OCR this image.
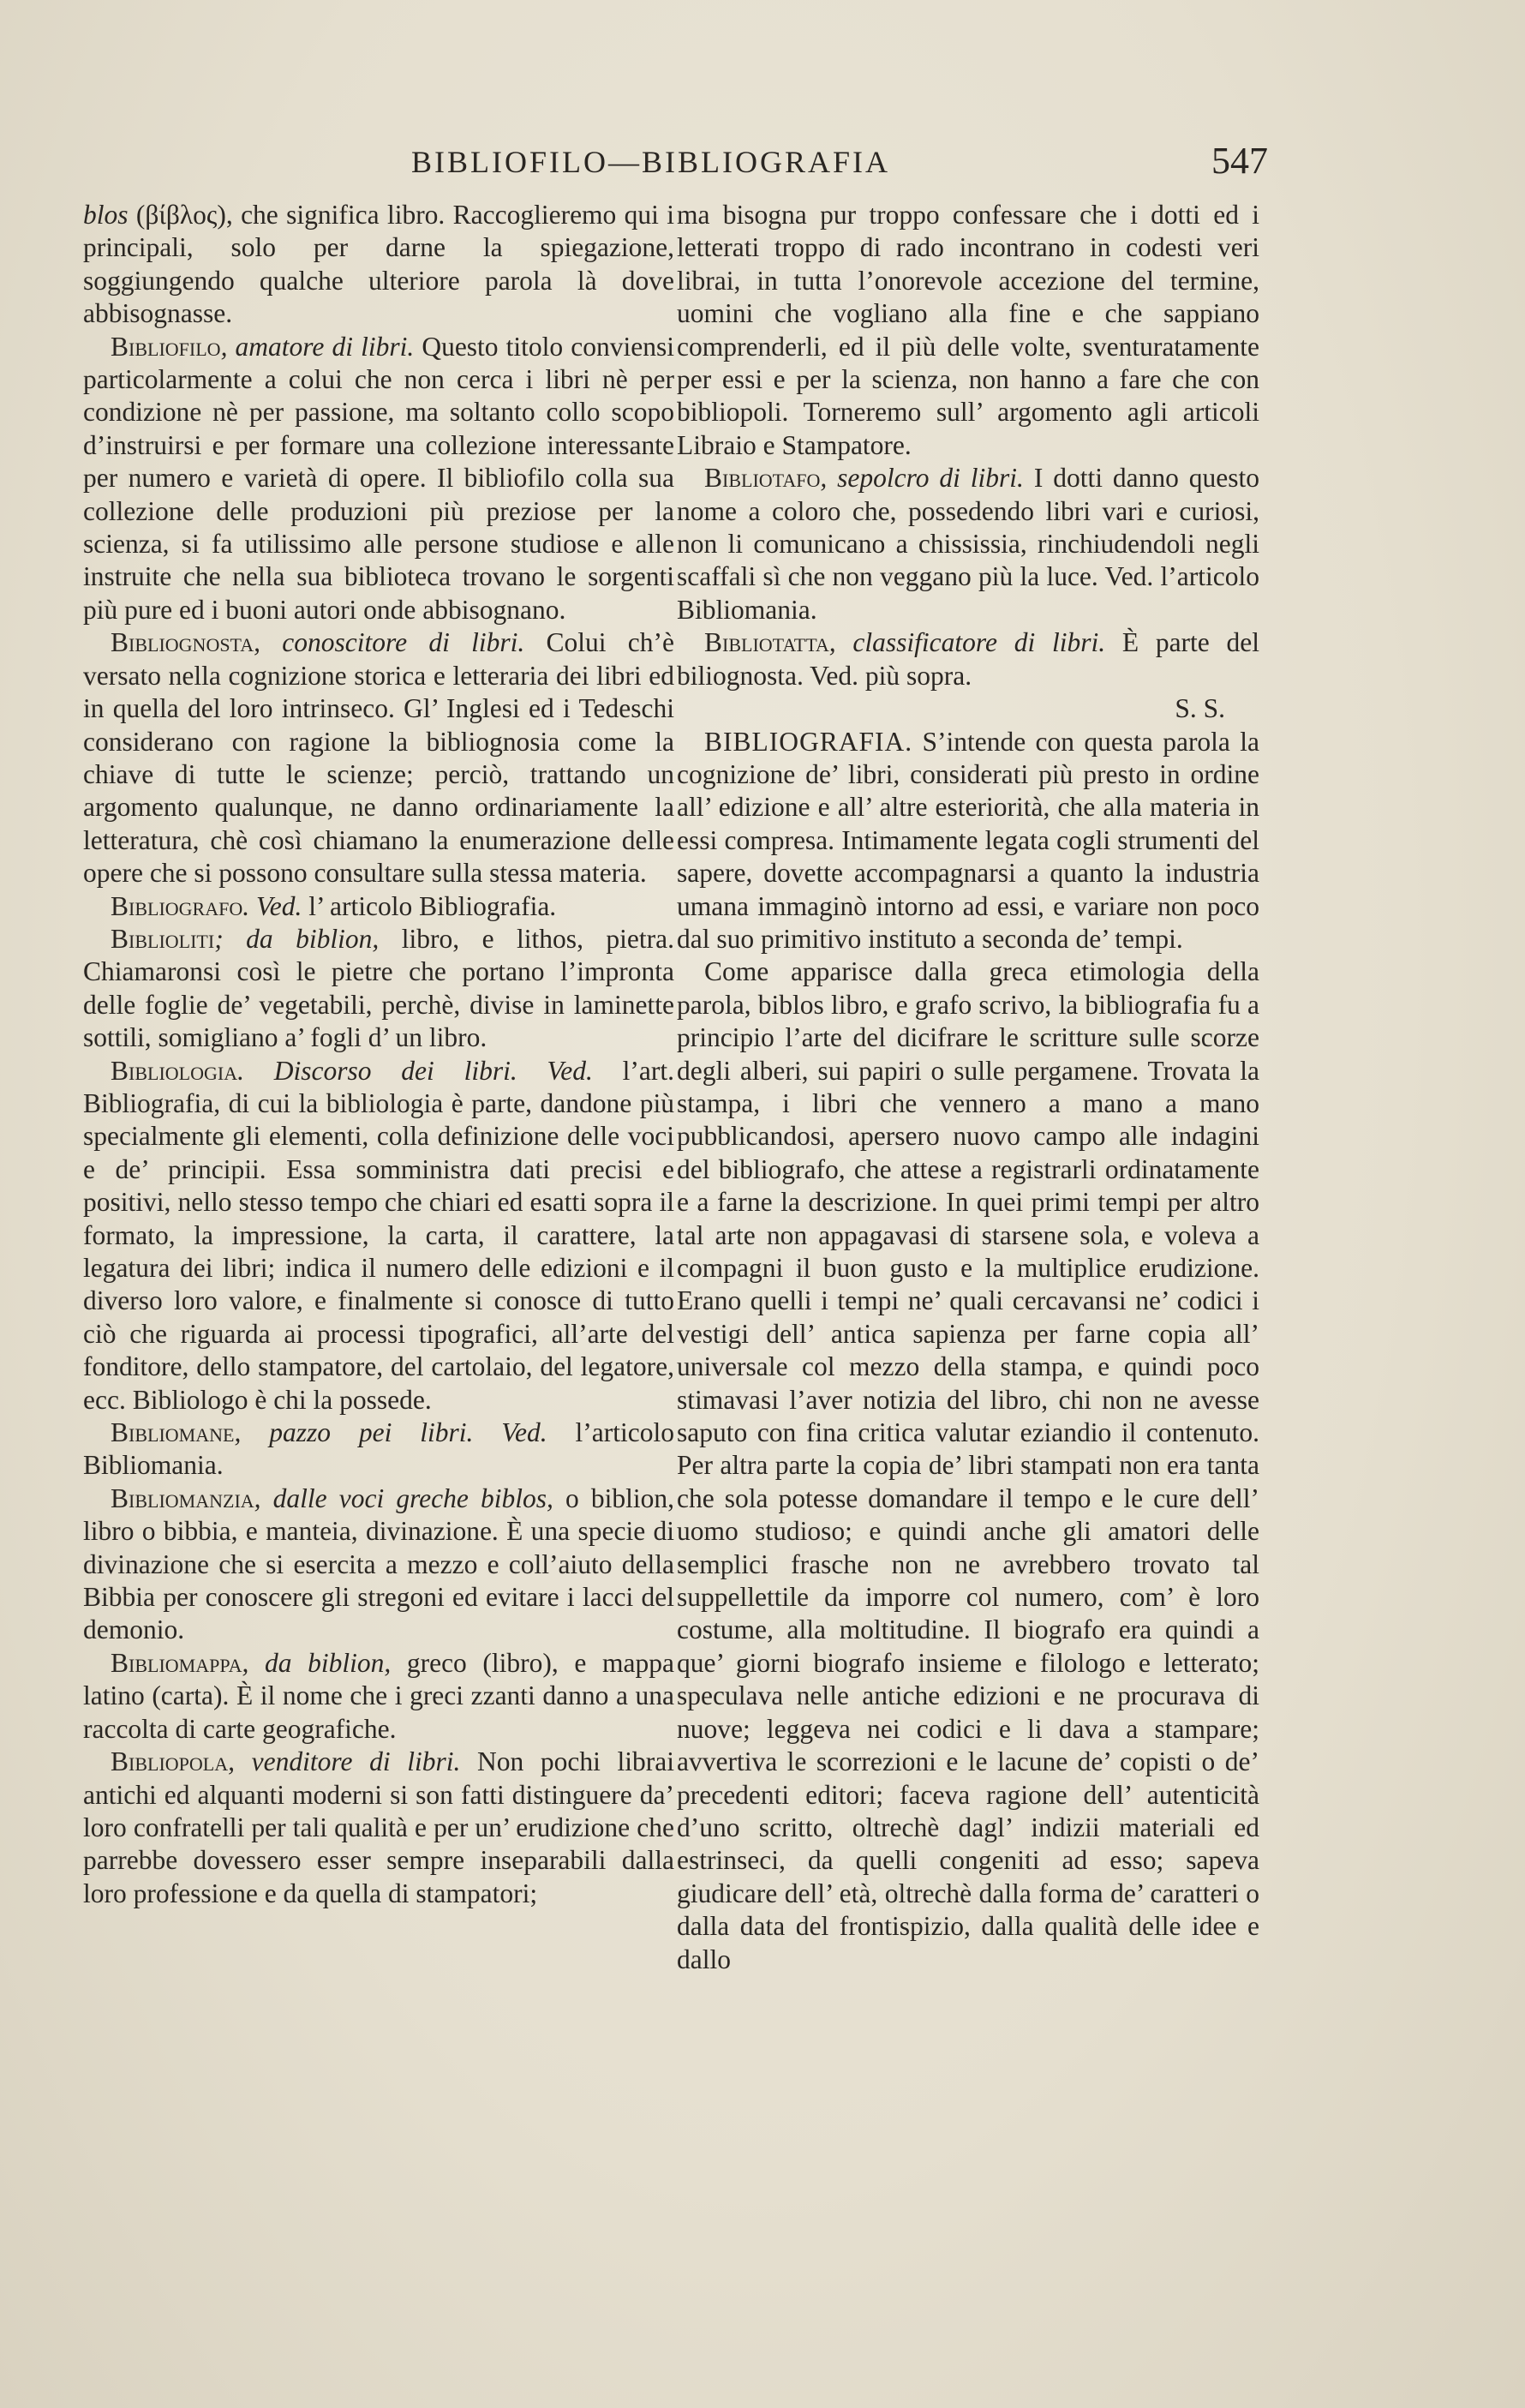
BIBLIOFILO—BIBLIOGRAFIA	547

blos (βίβλος), che significa libro. Raccoglieremo qui i principali, solo per darne la spiegazione, soggiungendo qualche ulteriore parola là dove abbisognasse.

Bibliofilo, amatore di libri. Questo titolo conviensi particolarmente a colui che non cerca i libri nè per condizione nè per passione, ma soltanto collo scopo d’instruirsi e per formare una collezione interessante per numero e varietà di opere. Il bibliofilo colla sua collezione delle produzioni più preziose per la scienza, si fa utilissimo alle persone studiose e alle instruite che nella sua biblioteca trovano le sorgenti più pure ed i buoni autori onde abbisognano.

Bibliognosta, conoscitore di libri. Colui ch’è versato nella cognizione storica e letteraria dei libri ed in quella del loro intrinseco. Gl’ Inglesi ed i Tedeschi considerano con ragione la bibliognosia come la chiave di tutte le scienze; perciò, trattando un argomento qualunque, ne danno ordinariamente la letteratura, chè così chiamano la enumerazione delle opere che si possono consultare sulla stessa materia.

Bibliografo. Ved. l’ articolo Bibliografia.

Biblioliti; da biblion, libro, e lithos, pietra. Chiamaronsi così le pietre che portano l’impronta delle foglie de’ vegetabili, perchè, divise in laminette sottili, somigliano a’ fogli d’ un libro.

Bibliologia. Discorso dei libri. Ved. l’art. Bibliografia, di cui la bibliologia è parte, dandone più specialmente gli elementi, colla definizione delle voci e de’ principii. Essa somministra dati precisi e positivi, nello stesso tempo che chiari ed esatti sopra il formato, la impressione, la carta, il carattere, la legatura dei libri; indica il numero delle edizioni e il diverso loro valore, e finalmente si conosce di tutto ciò che riguarda ai processi tipografici, all’arte del fonditore, dello stampatore, del cartolaio, del legatore, ecc. Bibliologo è chi la possede.

Bibliomane, pazzo pei libri. Ved. l’articolo Bibliomania.

Bibliomanzia, dalle voci greche biblos, o biblion, libro o bibbia, e manteia, divinazione. È una specie di divinazione che si esercita a mezzo e coll’aiuto della Bibbia per conoscere gli stregoni ed evitare i lacci del demonio.

Bibliomappa, da biblion, greco (libro), e mappa latino (carta). È il nome che i greci zzanti danno a una raccolta di carte geografiche.

Bibliopola, venditore di libri. Non pochi librai antichi ed alquanti moderni si son fatti distinguere da’ loro confratelli per tali qualità e per un’ erudizione che parrebbe dovessero esser sempre inseparabili dalla loro professione e da quella di stampatori;

ma bisogna pur troppo confessare che i dotti ed i letterati troppo di rado incontrano in codesti veri librai, in tutta l’onorevole accezione del termine, uomini che vogliano alla fine e che sappiano comprenderli, ed il più delle volte, sventuratamente per essi e per la scienza, non hanno a fare che con bibliopoli. Torneremo sull’ argomento agli articoli Libraio e Stampatore.

Bibliotafo, sepolcro di libri. I dotti danno questo nome a coloro che, possedendo libri vari e curiosi, non li comunicano a chississia, rinchiudendoli negli scaffali sì che non veggano più la luce. Ved. l’articolo Bibliomania.

Bibliotatta, classificatore di libri. È parte del biliognosta. Ved. più sopra.

S. S.

BIBLIOGRAFIA. S’intende con questa parola la cognizione de’ libri, considerati più presto in ordine all’ edizione e all’ altre esteriorità, che alla materia in essi compresa. Intimamente legata cogli strumenti del sapere, dovette accompagnarsi a quanto la industria umana immaginò intorno ad essi, e variare non poco dal suo primitivo instituto a seconda de’ tempi.

Come apparisce dalla greca etimologia della parola, biblos libro, e grafo scrivo, la bibliografia fu a principio l’arte del dicifrare le scritture sulle scorze degli alberi, sui papiri o sulle pergamene. Trovata la stampa, i libri che vennero a mano a mano pubblicandosi, apersero nuovo campo alle indagini del bibliografo, che attese a registrarli ordinatamente e a farne la descrizione. In quei primi tempi per altro tal arte non appagavasi di starsene sola, e voleva a compagni il buon gusto e la multiplice erudizione. Erano quelli i tempi ne’ quali cercavansi ne’ codici i vestigi dell’ antica sapienza per farne copia all’ universale col mezzo della stampa, e quindi poco stimavasi l’aver notizia del libro, chi non ne avesse saputo con fina critica valutar eziandio il contenuto. Per altra parte la copia de’ libri stampati non era tanta che sola potesse domandare il tempo e le cure dell’ uomo studioso; e quindi anche gli amatori delle semplici frasche non ne avrebbero trovato tal suppellettile da imporre col numero, com’ è loro costume, alla moltitudine. Il biografo era quindi a que’ giorni biografo insieme e filologo e letterato; speculava nelle antiche edizioni e ne procurava di nuove; leggeva nei codici e li dava a stampare; avvertiva le scorrezioni e le lacune de’ copisti o de’ precedenti editori; faceva ragione dell’ autenticità d’uno scritto, oltrechè dagl’ indizii materiali ed estrinseci, da quelli congeniti ad esso; sapeva giudicare dell’ età, oltrechè dalla forma de’ caratteri o dalla data del frontispizio, dalla qualità delle idee e dallo
